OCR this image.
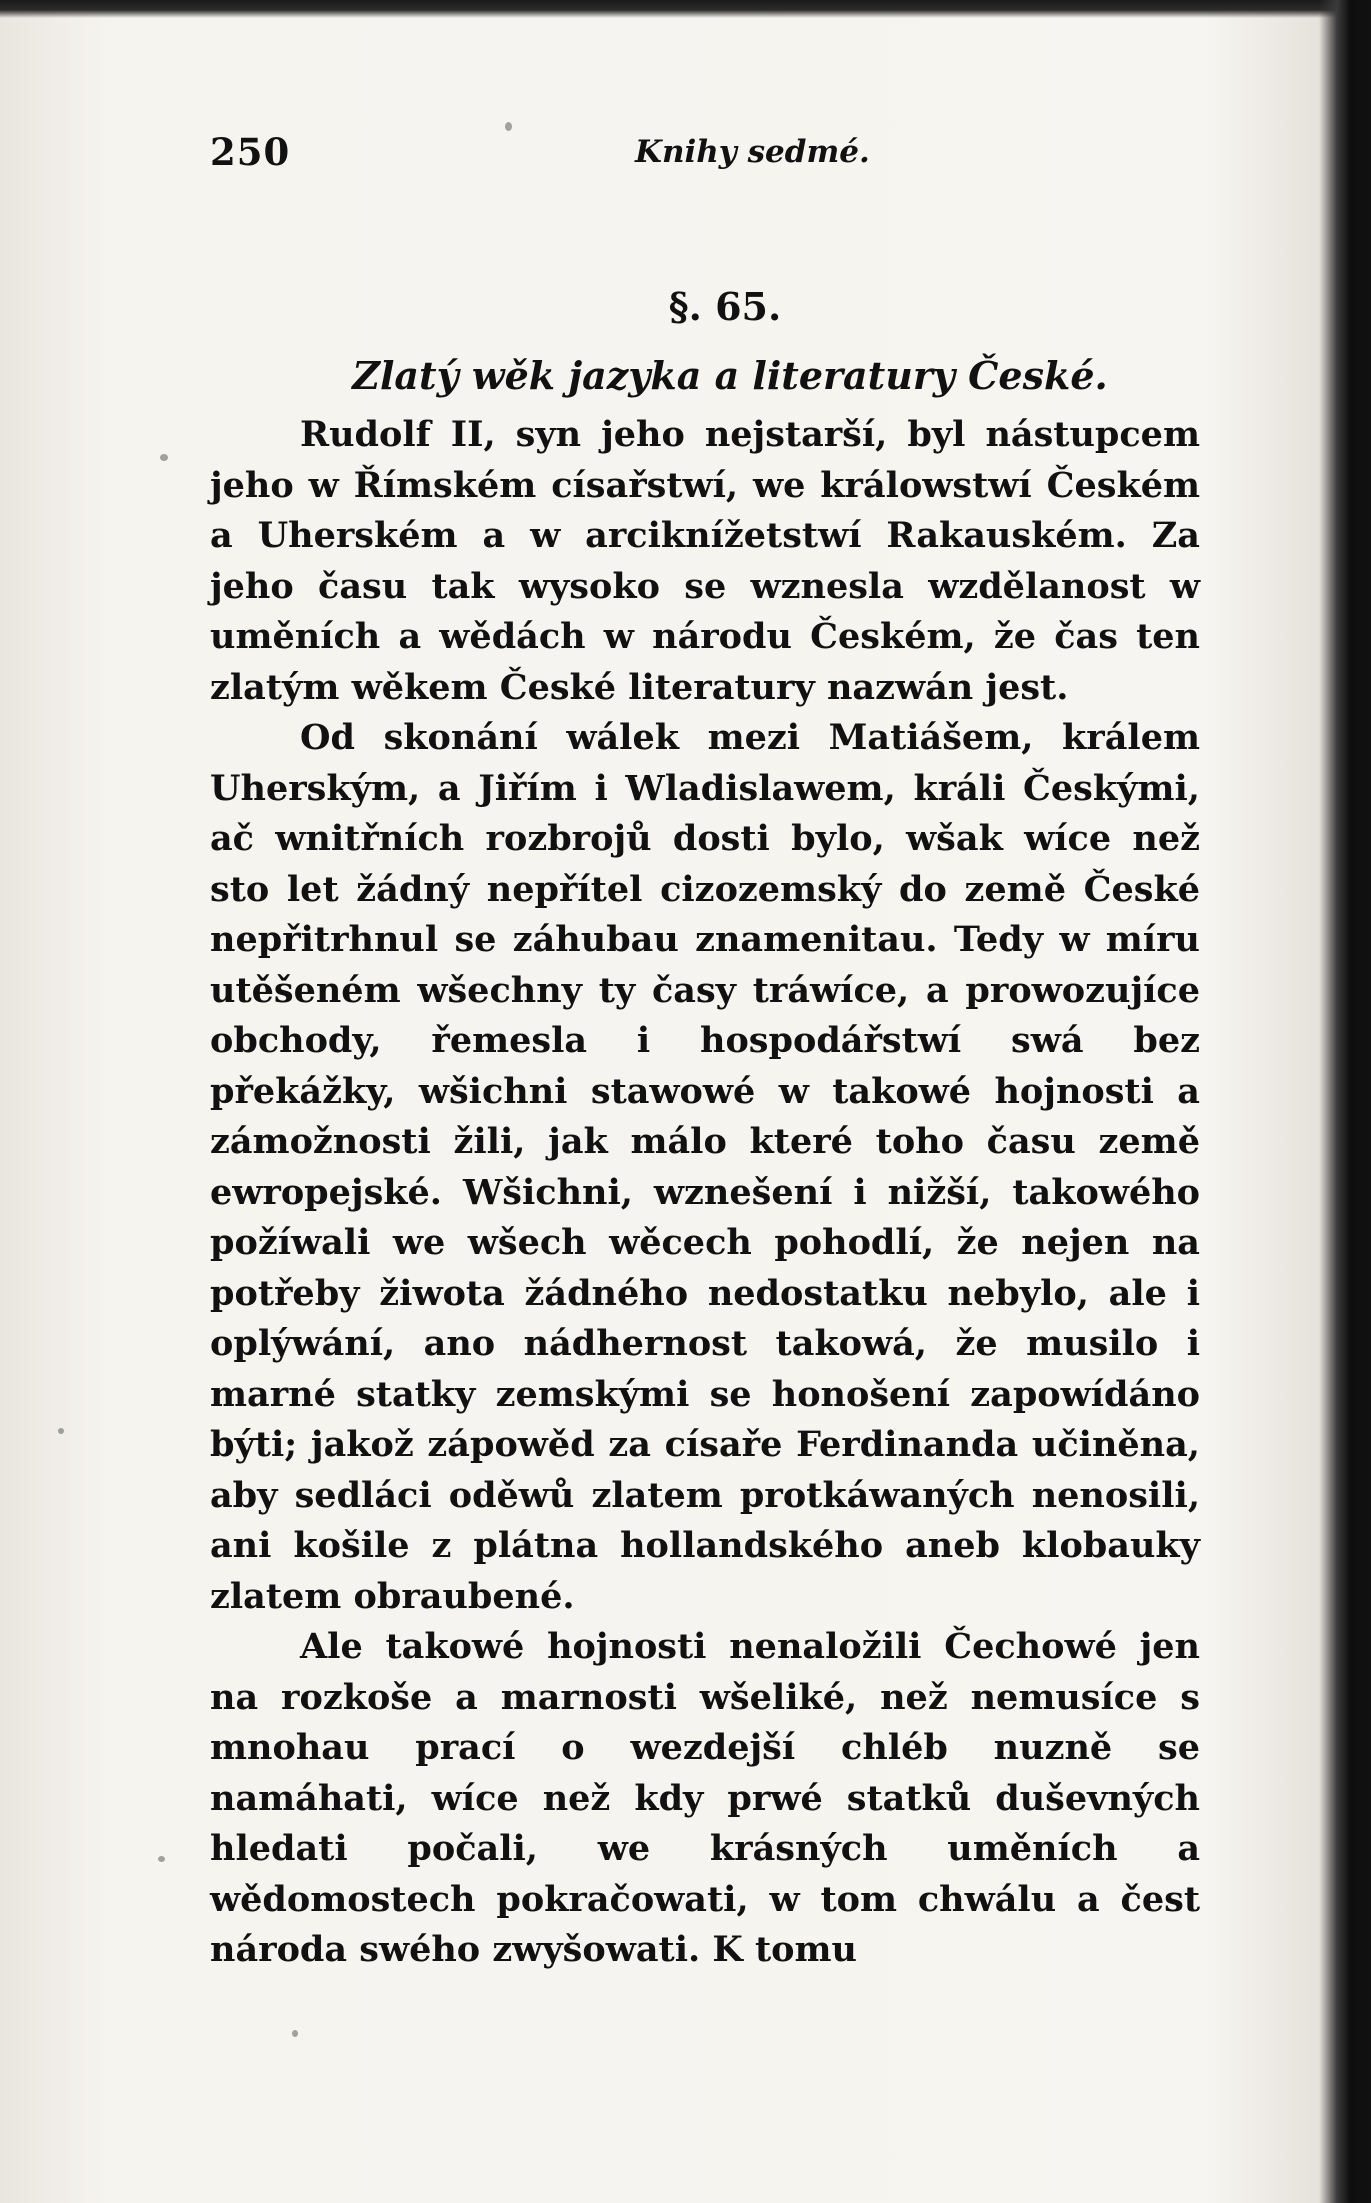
250	Knihy sedmé.
§. 65.
Zlatý wěk jazyka a literatury České.

Rudolf II, syn jeho nejstarší, byl nástupcem jeho w Římském císařstwí, we králowstwí Českém a Uherském a w arciknížetstwí Rakauském. Za jeho času tak wysoko se wznesla wzdělanost w uměních a wědách w národu Českém, že čas ten zlatým wěkem České literatury nazwán jest.

Od skonání wálek mezi Matiášem, králem Uherským, a Jiřím i Wladislawem, králi Českými, ač wnitřních rozbrojů dosti bylo, wšak wíce než sto let žádný nepřítel cizozemský do země České nepřitrhnul se záhubau znamenitau. Tedy w míru utěšeném wšechny ty časy tráwíce, a prowozujíce obchody, řemesla i hospodářstwí swá bez překážky, wšichni stawowé w takowé hojnosti a zámožnosti žili, jak málo které toho času země ewropejské. Wšichni, wznešení i nižší, takowého požíwali we wšech wěcech pohodlí, že nejen na potřeby žiwota žádného nedostatku nebylo, ale i oplýwání, ano nádhernost takowá, že musilo i marné statky zemskými se honošení zapowídáno býti; jakož zápowěd za císaře Ferdinanda učiněna, aby sedláci oděwů zlatem protkáwaných nenosili, ani košile z plátna hollandského aneb klobauky zlatem obraubené.

Ale takowé hojnosti nenaložili Čechowé jen na rozkoše a marnosti wšeliké, než nemusíce s mnohau prací o wezdejší chléb nuzně se namáhati, wíce než kdy prwé statků duševných hledati počali, we krásných uměních a wědomostech pokračowati, w tom chwálu a čest národa swého zwyšowati. K tomu
